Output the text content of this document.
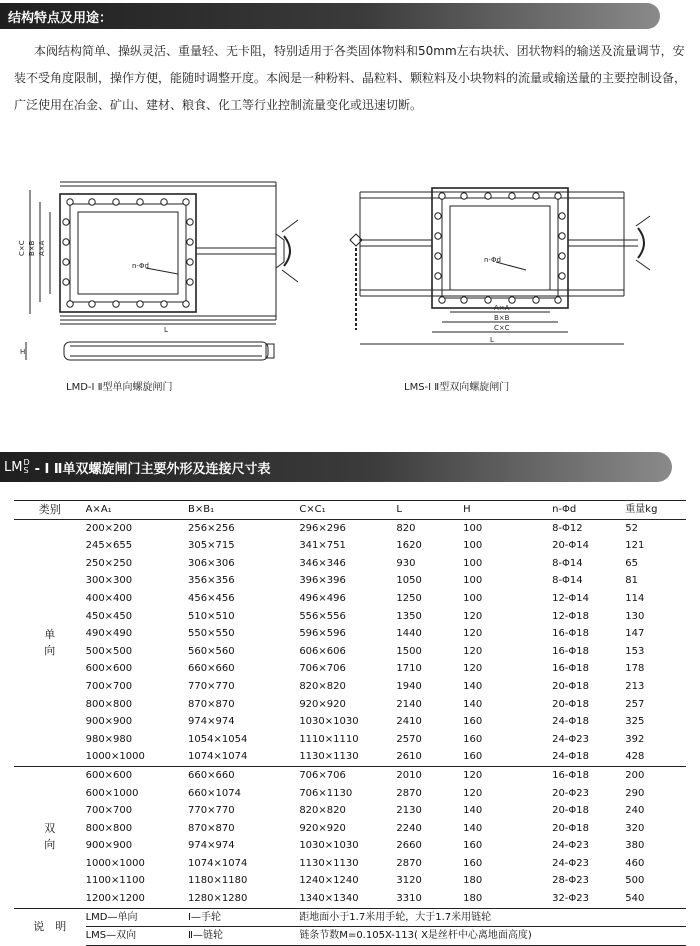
结构特点及用途：

本阀结构简单、操纵灵活、重量轻、无卡阻，特别适用于各类固体物料和50mm左右块状、团状物料的输送及流量调节，安装不受角度限制，操作方便，能随时调整开度。本阀是一种粉料、晶粒料、颗粒料及小块物料的流量或输送量的主要控制设备，广泛使用在冶金、矿山、建材、粮食、化工等行业控制流量变化或迅速切断。

C×C B×B A×A
n-Φd
L
H
LMD-Ⅰ Ⅱ型单向螺旋闸门
n-Φd
A×A
B×B
C×C
L
LMS-Ⅰ Ⅱ型双向螺旋闸门
LM D
S - Ⅰ Ⅱ单双螺旋闸门主要外形及连接尺寸表
类别	A×A₁	B×B₁	C×C₁	L	H	n-Φd	重量kg
单
向	200×200	256×256	296×296	820	100	8-Φ12	52
	245×655	305×715	341×751	1620	100	20-Φ14	121
	250×250	306×306	346×346	930	100	8-Φ14	65
	300×300	356×356	396×396	1050	100	8-Φ14	81
	400×400	456×456	496×496	1250	100	12-Φ14	114
	450×450	510×510	556×556	1350	120	12-Φ18	130
	490×490	550×550	596×596	1440	120	16-Φ18	147
	500×500	560×560	606×606	1500	120	16-Φ18	153
	600×600	660×660	706×706	1710	120	16-Φ18	178
	700×700	770×770	820×820	1940	140	20-Φ18	213
	800×800	870×870	920×920	2140	140	20-Φ18	257
	900×900	974×974	1030×1030	2410	160	24-Φ18	325
	980×980	1054×1054	1110×1110	2570	160	24-Φ23	392
	1000×1000	1074×1074	1130×1130	2610	160	24-Φ18	428
双
向	600×600	660×660	706×706	2010	120	16-Φ18	200
	600×1000	660×1074	706×1130	2870	120	20-Φ23	290
	700×700	770×770	820×820	2130	140	20-Φ18	240
	800×800	870×870	920×920	2240	140	20-Φ18	320
	900×900	974×974	1030×1030	2660	160	24-Φ23	380
	1000×1000	1074×1074	1130×1130	2870	160	24-Φ23	460
	1100×1100	1180×1180	1240×1240	3120	180	28-Φ23	500
	1200×1200	1280×1280	1340×1340	3310	180	32-Φ23	540
说　明	LMD—单向	Ⅰ—手轮	距地面小于1.7米用手轮，大于1.7米用链轮				
	LMS—双向	Ⅱ—链轮	链条节数M=0.105X-113( X是丝杆中心离地面高度)				
